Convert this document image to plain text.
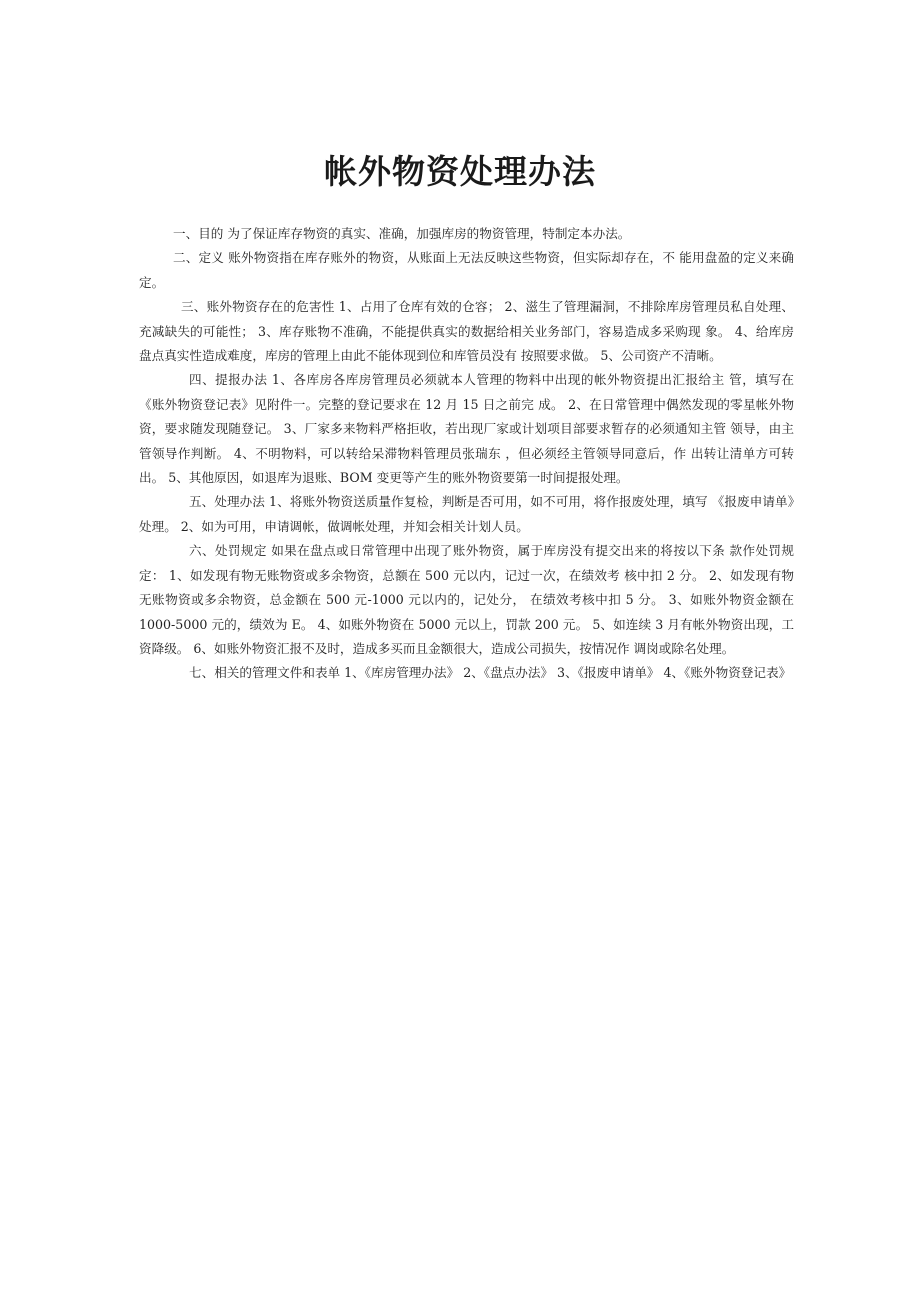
帐外物资处理办法

一、目的 为了保证库存物资的真实、准确，加强库房的物资管理，特制定本办法。

二、定义 账外物资指在库存账外的物资，从账面上无法反映这些物资，但实际却存在，不 能用盘盈的定义来确定。

三、账外物资存在的危害性 1、占用了仓库有效的仓容； 2、滋生了管理漏洞，不排除库房管理员私自处理、充减缺失的可能性； 3、库存账物不准确，不能提供真实的数据给相关业务部门，容易造成多采购现 象。 4、给库房盘点真实性造成难度，库房的管理上由此不能体现到位和库管员没有 按照要求做。 5、公司资产不清晰。

四、提报办法 1、各库房各库房管理员必须就本人管理的物料中出现的帐外物资提出汇报给主 管，填写在《账外物资登记表》见附件一。完整的登记要求在 12 月 15 日之前完 成。 2、在日常管理中偶然发现的零星帐外物资，要求随发现随登记。 3、厂家多来物料严格拒收，若出现厂家或计划项目部要求暂存的必须通知主管 领导，由主管领导作判断。 4、不明物料，可以转给呆滞物料管理员张瑞东 ，但必须经主管领导同意后，作 出转让清单方可转出。 5、其他原因，如退库为退账、BOM 变更等产生的账外物资要第一时间提报处理。

五、处理办法 1、将账外物资送质量作复检，判断是否可用，如不可用，将作报废处理，填写 《报废申请单》处理。 2、如为可用，申请调帐，做调帐处理，并知会相关计划人员。

六、处罚规定 如果在盘点或日常管理中出现了账外物资，属于库房没有提交出来的将按以下条 款作处罚规定： 1、如发现有物无账物资或多余物资，总额在 500 元以内，记过一次，在绩效考 核中扣 2 分。 2、如发现有物无账物资或多余物资，总金额在 500 元-1000 元以内的，记处分， 在绩效考核中扣 5 分。 3、如账外物资金额在 1000-5000 元的，绩效为 E。 4、如账外物资在 5000 元以上，罚款 200 元。 5、如连续 3 月有帐外物资出现，工资降级。 6、如账外物资汇报不及时，造成多买而且金额很大，造成公司损失，按情况作 调岗或除名处理。

七、相关的管理文件和表单 1、《库房管理办法》 2、《盘点办法》 3、《报废申请单》 4、《账外物资登记表》
